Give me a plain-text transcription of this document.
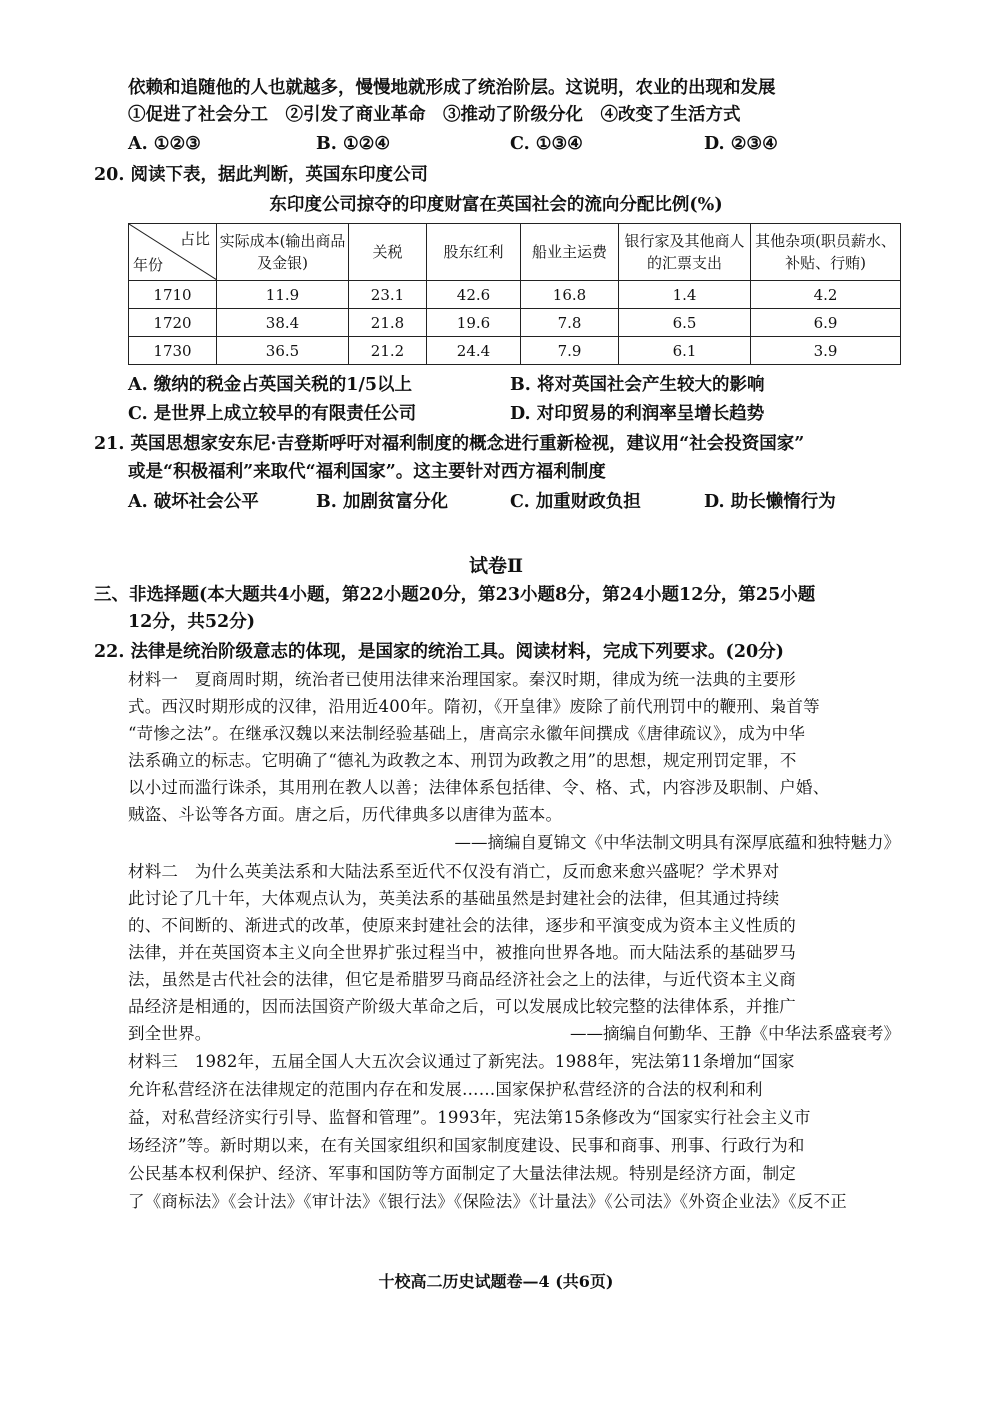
依赖和追随他的人也就越多，慢慢地就形成了统治阶层。这说明，农业的出现和发展
①促进了社会分工　②引发了商业革命　③推动了阶级分化　④改变了生活方式
A. ①②③	B. ①②④	C. ①③④	D. ②③④
20. 阅读下表，据此判断，英国东印度公司
东印度公司掠夺的印度财富在英国社会的流向分配比例(%)
占比
年份	实际成本(输出商品及金银)	关税	股东红利	船业主运费	银行家及其他商人的汇票支出	其他杂项(职员薪水、补贴、行贿)
1710	11.9	23.1	42.6	16.8	1.4	4.2
1720	38.4	21.8	19.6	7.8	6.5	6.9
1730	36.5	21.2	24.4	7.9	6.1	3.9
A. 缴纳的税金占英国关税的1/5以上	B. 将对英国社会产生较大的影响
C. 是世界上成立较早的有限责任公司	D. 对印贸易的利润率呈增长趋势
21. 英国思想家安东尼·吉登斯呼吁对福利制度的概念进行重新检视，建议用“社会投资国家”
或是“积极福利”来取代“福利国家”。这主要针对西方福利制度
A. 破坏社会公平	B. 加剧贫富分化	C. 加重财政负担	D. 助长懒惰行为
试卷Ⅱ
三、非选择题(本大题共4小题，第22小题20分，第23小题8分，第24小题12分，第25小题
12分，共52分)
22. 法律是统治阶级意志的体现，是国家的统治工具。阅读材料，完成下列要求。(20分)
材料一　夏商周时期，统治者已使用法律来治理国家。秦汉时期，律成为统一法典的主要形
式。西汉时期形成的汉律，沿用近400年。隋初，《开皇律》废除了前代刑罚中的鞭刑、枭首等
“苛惨之法”。在继承汉魏以来法制经验基础上，唐高宗永徽年间撰成《唐律疏议》，成为中华
法系确立的标志。它明确了“德礼为政教之本、刑罚为政教之用”的思想，规定刑罚定罪，不
以小过而滥行诛杀，其用刑在教人以善；法律体系包括律、令、格、式，内容涉及职制、户婚、
贼盗、斗讼等各方面。唐之后，历代律典多以唐律为蓝本。
——摘编自夏锦文《中华法制文明具有深厚底蕴和独特魅力》
材料二　为什么英美法系和大陆法系至近代不仅没有消亡，反而愈来愈兴盛呢？学术界对
此讨论了几十年，大体观点认为，英美法系的基础虽然是封建社会的法律，但其通过持续
的、不间断的、渐进式的改革，使原来封建社会的法律，逐步和平演变成为资本主义性质的
法律，并在英国资本主义向全世界扩张过程当中，被推向世界各地。而大陆法系的基础罗马
法，虽然是古代社会的法律，但它是希腊罗马商品经济社会之上的法律，与近代资本主义商
品经济是相通的，因而法国资产阶级大革命之后，可以发展成比较完整的法律体系，并推广
到全世界。	——摘编自何勤华、王静《中华法系盛衰考》
材料三　1982年，五届全国人大五次会议通过了新宪法。1988年，宪法第11条增加“国家
允许私营经济在法律规定的范围内存在和发展……国家保护私营经济的合法的权利和利
益，对私营经济实行引导、监督和管理”。1993年，宪法第15条修改为“国家实行社会主义市
场经济”等。新时期以来，在有关国家组织和国家制度建设、民事和商事、刑事、行政行为和
公民基本权利保护、经济、军事和国防等方面制定了大量法律法规。特别是经济方面，制定
了《商标法》《会计法》《审计法》《银行法》《保险法》《计量法》《公司法》《外资企业法》《反不正
十校高二历史试题卷—4 (共6页)
